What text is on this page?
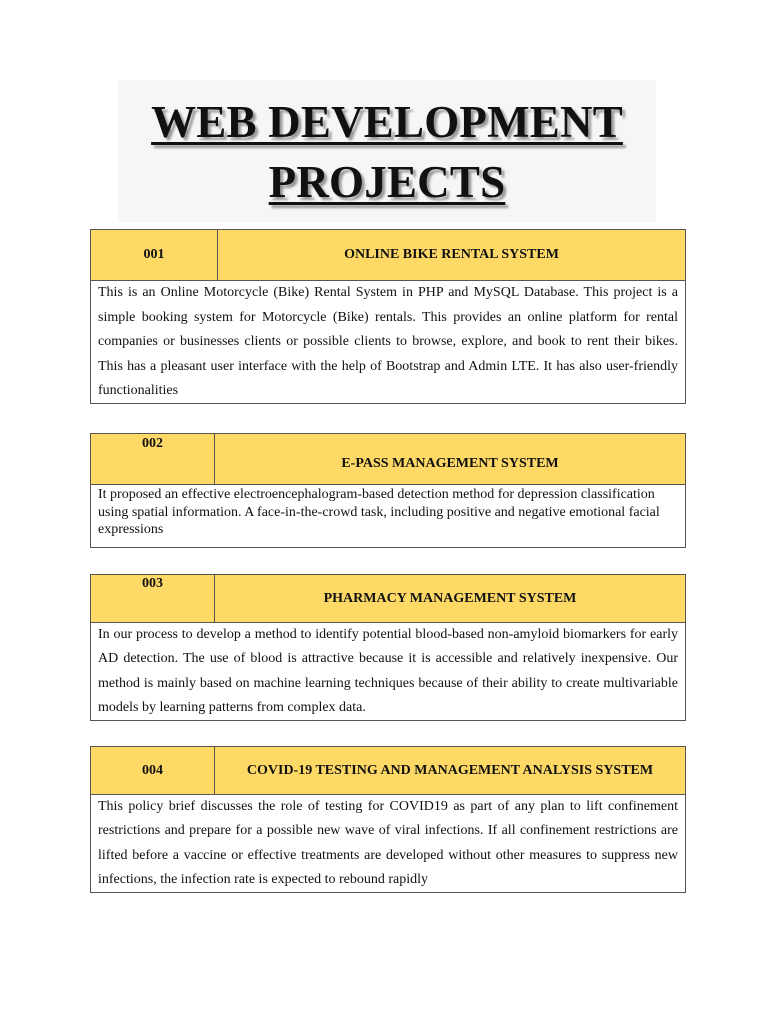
WEB DEVELOPMENT
PROJECTS
001	ONLINE BIKE RENTAL SYSTEM
This is an Online Motorcycle (Bike) Rental System in PHP and MySQL Database. This project is a simple booking system for Motorcycle (Bike) rentals. This provides an online platform for rental companies or businesses clients or possible clients to browse, explore, and book to rent their bikes. This has a pleasant user interface with the help of Bootstrap and Admin LTE. It has also user-friendly functionalities
002
E-PASS MANAGEMENT SYSTEM
It proposed an effective electroencephalogram-based detection method for depression classification using spatial information. A face-in-the-crowd task, including positive and negative emotional facial expressions
003
PHARMACY MANAGEMENT SYSTEM
In our process to develop a method to identify potential blood-based non-amyloid biomarkers for early AD detection. The use of blood is attractive because it is accessible and relatively inexpensive. Our method is mainly based on machine learning techniques because of their ability to create multivariable models by learning patterns from complex data.
004	COVID-19 TESTING AND MANAGEMENT ANALYSIS SYSTEM
This policy brief discusses the role of testing for COVID19 as part of any plan to lift confinement restrictions and prepare for a possible new wave of viral infections. If all confinement restrictions are lifted before a vaccine or effective treatments are developed without other measures to suppress new infections, the infection rate is expected to rebound rapidly
